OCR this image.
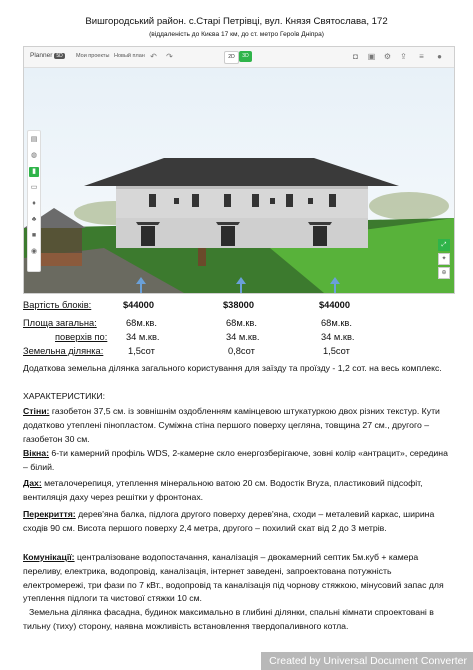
Вишгородський район. с.Старі Петрівці, вул. Князя Святослава, 172
(віддаленість до Києва 17 км, до ст. метро Героїв Дніпра)
Planner 5D	Мои проекты Новый план ↶ ↷	2D	3D	◘	▣ ⚙ ⇪	≡	●
▤
◍
▮
▭
♦
♣
■
◉
⤢
✦
⊕
Вартість блоків:	$44000	$38000	$44000
Площа загальна:	68м.кв.	68м.кв.	68м.кв.
поверхів по: 34 м.кв.	34 м.кв.	34 м.кв.
Земельна ділянка:	1,5сот	0,8сот	1,5сот
Додаткова земельна ділянка загального користування для заїзду та проїзду - 1,2 сот. на весь комплекс.
ХАРАКТЕРИСТИКИ:
Стіни: газобетон 37,5 см. із зовнішнім оздобленням камінцевою штукатуркою двох різних текстур. Кути додатково утеплені пінопластом. Суміжна стіна першого поверху цегляна, товщина 27 см., другого – газобетон 30 см.
Вікна: 6-ти камерний профіль WDS, 2-камерне скло енергозберігаюче, зовні колір «антрацит», середина – білий.
Дах: металочерепиця, утеплення мінеральною ватою 20 см. Водостік Bryza, пластиковий підсофіт, вентиляція даху через решітки у фронтонах.
Перекриття: дерев'яна балка, підлога другого поверху дерев'яна, сходи – металевий каркас, ширина сходів 90 см. Висота першого поверху 2,4 метра, другого – похилий скат від 2 до 3 метрів.
Комунікації: централізоване водопостачання, каналізація – двокамерний септик 5м.куб + камера переливу, електрика, водопровід, каналізація, інтернет заведені, запроектована потужність електромережі, три фази по 7 кВт., водопровід та каналізація під чорнову стяжкою, мінусовий запас для утеплення підлоги та чистової стяжки 10 см.
Земельна ділянка фасадна, будинок максимально в глибині ділянки, спальні кімнати спроектовані в тильну (тиху) сторону, наявна можливість встановлення твердопаливного котла.
Created by Universal Document Converter
